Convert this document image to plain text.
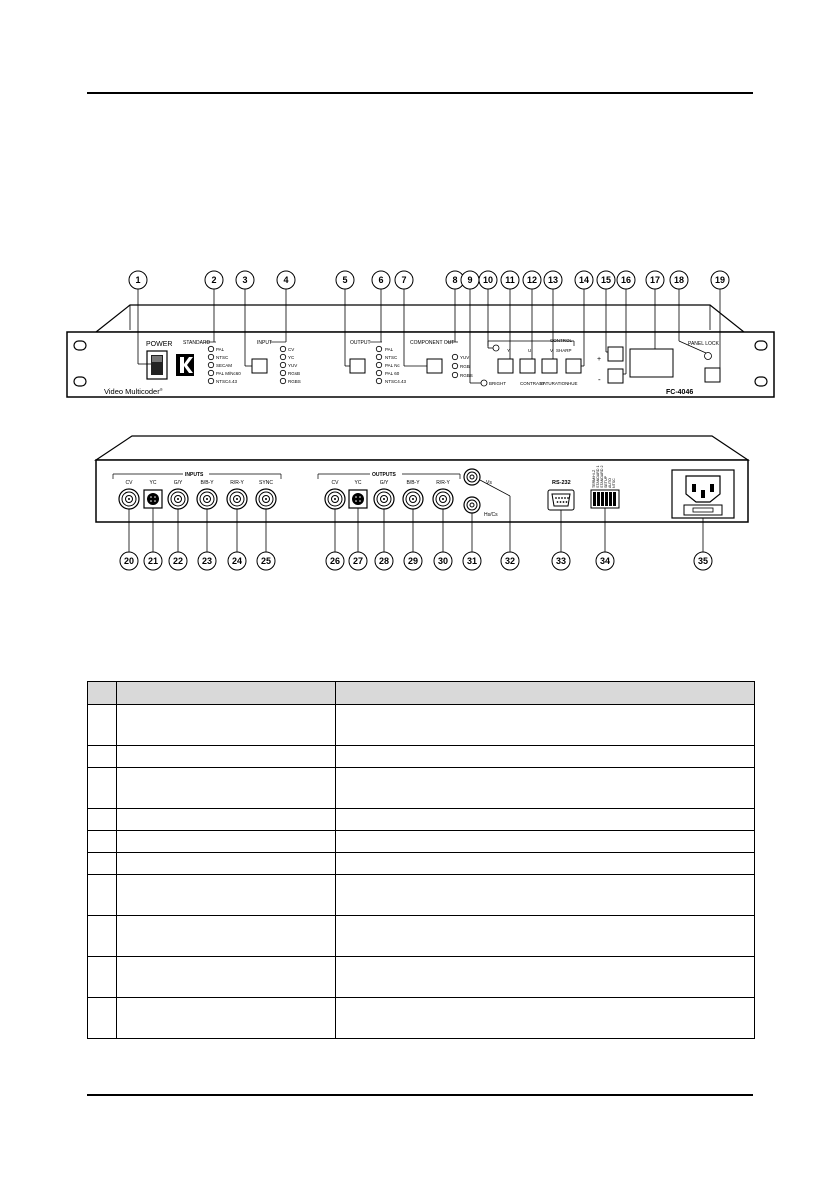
POWER STANDARD
PAL
NTSC
SECAM
PAL M/Nc60
NTSC4.43
INPUT
CV
YC
YUV
RGsB
RGBS
OUTPUT
PAL
NTSC
PAL Nc
PAL 60
NTSC4.43
COMPONENT OUT
YUV
RGB
RGBS
CONTROL
SHARP
Y	U	V
BRIGHT	CONTRAST
SATURATION HUE
+
-
PANEL LOCK
Video Multicoder®	FC-4046
1	2	3	4	5	6 7	8 9 10 11 12 13 14 15 16 17 18	19
INPUTS
CV	YC	G/Y	B/B-Y	R/R-Y	SYNC
OUTPUTS
CV	YC	G/Y	B/B-Y	R/R-Y	Vs
Hs/Cs
RS-232	TERM/HI-Z STANDARD 1 STANDARD 2 SETUP AUTO NTSC
20 21 22 23 24 25	26 27 28 29 30 31	32	33	34	35
